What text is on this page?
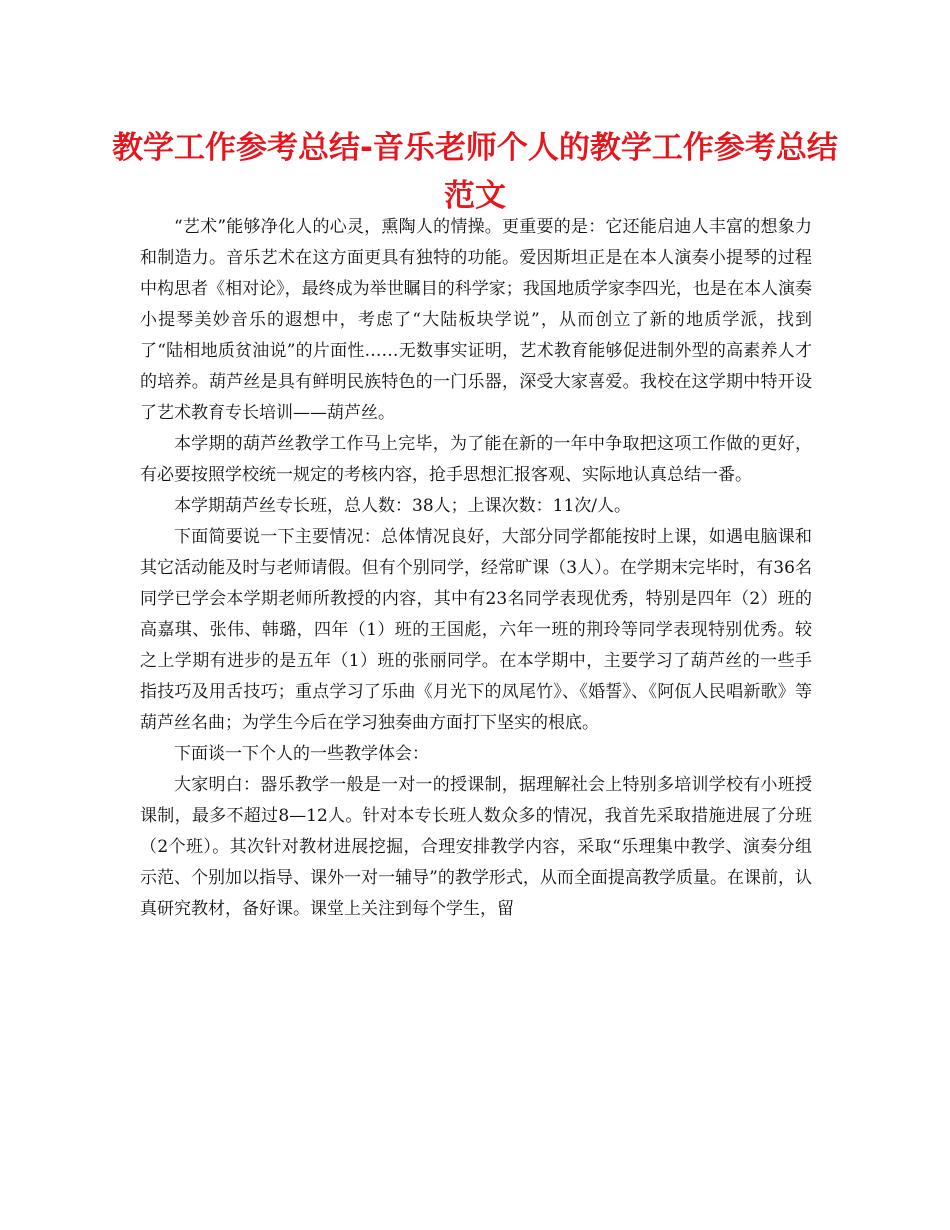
教学工作参考总结-音乐老师个人的教学工作参考总结范文

“艺术”能够净化人的心灵，熏陶人的情操。更重要的是：它还能启迪人丰富的想象力和制造力。音乐艺术在这方面更具有独特的功能。爱因斯坦正是在本人演奏小提琴的过程中构思者《相对论》，最终成为举世瞩目的科学家；我国地质学家李四光，也是在本人演奏小提琴美妙音乐的遐想中，考虑了“大陆板块学说”，从而创立了新的地质学派，找到了“陆相地质贫油说”的片面性……无数事实证明，艺术教育能够促进制外型的高素养人才的培养。葫芦丝是具有鲜明民族特色的一门乐器，深受大家喜爱。我校在这学期中特开设了艺术教育专长培训——葫芦丝。

本学期的葫芦丝教学工作马上完毕，为了能在新的一年中争取把这项工作做的更好，有必要按照学校统一规定的考核内容，抢手思想汇报客观、实际地认真总结一番。

本学期葫芦丝专长班，总人数：38人；上课次数：11次/人。

下面简要说一下主要情况：总体情况良好，大部分同学都能按时上课，如遇电脑课和其它活动能及时与老师请假。但有个别同学，经常旷课（3人）。在学期末完毕时，有36名同学已学会本学期老师所教授的内容，其中有23名同学表现优秀，特别是四年（2）班的高嘉琪、张伟、韩璐，四年（1）班的王国彪，六年一班的荆玲等同学表现特别优秀。较之上学期有进步的是五年（1）班的张丽同学。在本学期中，主要学习了葫芦丝的一些手指技巧及用舌技巧；重点学习了乐曲《月光下的凤尾竹》、《婚誓》、《阿佤人民唱新歌》等葫芦丝名曲；为学生今后在学习独奏曲方面打下坚实的根底。

下面谈一下个人的一些教学体会：

大家明白：器乐教学一般是一对一的授课制，据理解社会上特别多培训学校有小班授课制，最多不超过8—12人。针对本专长班人数众多的情况，我首先采取措施进展了分班（2个班）。其次针对教材进展挖掘，合理安排教学内容，采取“乐理集中教学、演奏分组示范、个别加以指导、课外一对一辅导”的教学形式，从而全面提高教学质量。在课前，认真研究教材，备好课。课堂上关注到每个学生，留
